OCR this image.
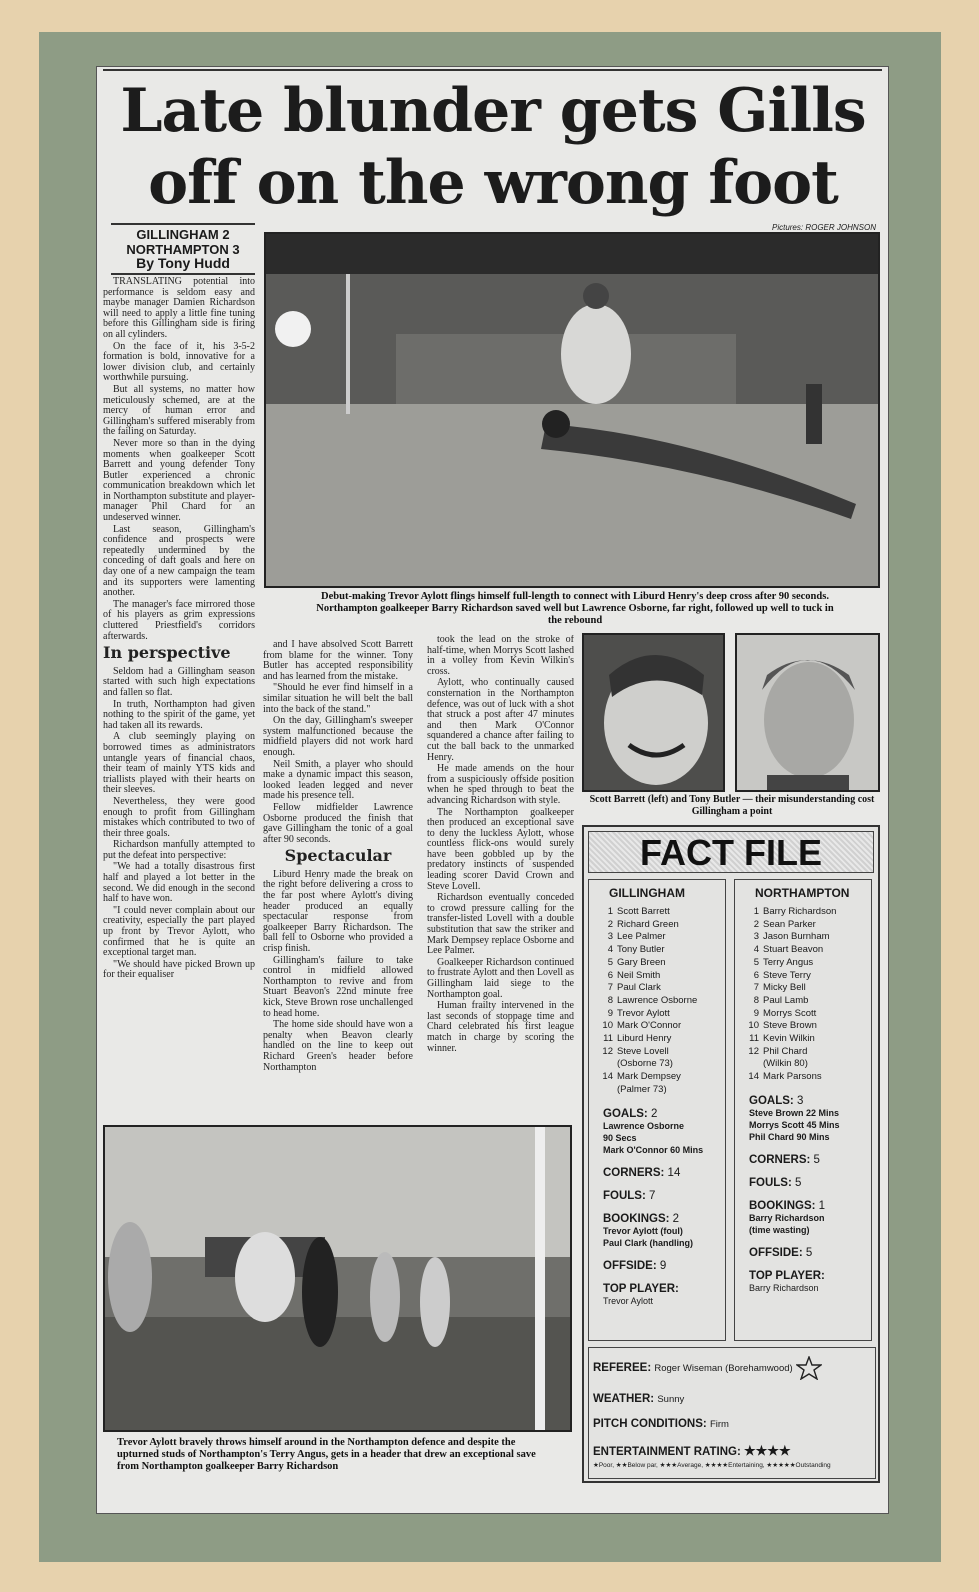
Late blunder gets Gills
off on the wrong foot
Pictures: ROGER JOHNSON
GILLINGHAM 2
NORTHAMPTON 3
By Tony Hudd

TRANSLATING potential into performance is seldom easy and maybe manager Damien Richardson will need to apply a little fine tuning before this Gillingham side is firing on all cylinders.

On the face of it, his 3-5-2 formation is bold, innovative for a lower division club, and certainly worthwhile pursuing.

But all systems, no matter how meticulously schemed, are at the mercy of human error and Gillingham's suffered miserably from the failing on Saturday.

Never more so than in the dying moments when goalkeeper Scott Barrett and young defender Tony Butler experienced a chronic communication breakdown which let in Northampton substitute and player-manager Phil Chard for an undeserved winner.

Last season, Gillingham's confidence and prospects were repeatedly undermined by the conceding of daft goals and here on day one of a new campaign the team and its supporters were lamenting another.

The manager's face mirrored those of his players as grim expressions cluttered Priestfield's corridors afterwards.

In perspective

Seldom had a Gillingham season started with such high expectations and fallen so flat.

In truth, Northampton had given nothing to the spirit of the game, yet had taken all its rewards.

A club seemingly playing on borrowed times as administrators untangle years of financial chaos, their team of mainly YTS kids and triallists played with their hearts on their sleeves.

Nevertheless, they were good enough to profit from Gillingham mistakes which contributed to two of their three goals.

Richardson manfully attempted to put the defeat into perspective:

"We had a totally disastrous first half and played a lot better in the second. We did enough in the second half to have won.

"I could never complain about our creativity, especially the part played up front by Trevor Aylott, who confirmed that he is quite an exceptional target man.

"We should have picked Brown up for their equaliser

Debut-making Trevor Aylott flings himself full-length to connect with Liburd Henry's deep cross after 90 seconds. Northampton goalkeeper Barry Richardson saved well but Lawrence Osborne, far right, followed up well to tuck in the rebound

and I have absolved Scott Barrett from blame for the winner. Tony Butler has accepted responsibility and has learned from the mistake.

"Should he ever find himself in a similar situation he will belt the ball into the back of the stand."

On the day, Gillingham's sweeper system malfunctioned because the midfield players did not work hard enough.

Neil Smith, a player who should make a dynamic impact this season, looked leaden legged and never made his presence tell.

Fellow midfielder Lawrence Osborne produced the finish that gave Gillingham the tonic of a goal after 90 seconds.

Spectacular

Liburd Henry made the break on the right before delivering a cross to the far post where Aylott's diving header produced an equally spectacular response from goalkeeper Barry Richardson. The ball fell to Osborne who provided a crisp finish.

Gillingham's failure to take control in midfield allowed Northampton to revive and from Stuart Beavon's 22nd minute free kick, Steve Brown rose unchallenged to head home.

The home side should have won a penalty when Beavon clearly handled on the line to keep out Richard Green's header before Northampton

took the lead on the stroke of half-time, when Morrys Scott lashed in a volley from Kevin Wilkin's cross.

Aylott, who continually caused consternation in the Northampton defence, was out of luck with a shot that struck a post after 47 minutes and then Mark O'Connor squandered a chance after failing to cut the ball back to the unmarked Henry.

He made amends on the hour from a suspiciously offside position when he sped through to beat the advancing Richardson with style.

The Northampton goalkeeper then produced an exceptional save to deny the luckless Aylott, whose countless flick-ons would surely have been gobbled up by the predatory instincts of suspended leading scorer David Crown and Steve Lovell.

Richardson eventually conceded to crowd pressure calling for the transfer-listed Lovell with a double substitution that saw the striker and Mark Dempsey replace Osborne and Lee Palmer.

Goalkeeper Richardson continued to frustrate Aylott and then Lovell as Gillingham laid siege to the Northampton goal.

Human frailty intervened in the last seconds of stoppage time and Chard celebrated his first league match in charge by scoring the winner.

Scott Barrett (left) and Tony Butler — their misunderstanding cost Gillingham a point
Trevor Aylott bravely throws himself around in the Northampton defence and despite the upturned studs of Northampton's Terry Angus, gets in a header that drew an exceptional save from Northampton goalkeeper Barry Richardson
FACT FILE
GILLINGHAM
1 Scott Barrett
2 Richard Green
3 Lee Palmer
4 Tony Butler
5 Gary Breen
6 Neil Smith
7 Paul Clark
8 Lawrence Osborne
9 Trevor Aylott
10 Mark O'Connor
11 Liburd Henry
12 Steve Lovell
(Osborne 73)
14 Mark Dempsey
(Palmer 73)
GOALS: 2
Lawrence Osborne
90 Secs
Mark O'Connor 60 Mins
CORNERS: 14
FOULS: 7
BOOKINGS: 2
Trevor Aylott (foul)
Paul Clark (handling)
OFFSIDE: 9
TOP PLAYER:
Trevor Aylott
NORTHAMPTON
1 Barry Richardson
2 Sean Parker
3 Jason Burnham
4 Stuart Beavon
5 Terry Angus
6 Steve Terry
7 Micky Bell
8 Paul Lamb
9 Morrys Scott
10 Steve Brown
11 Kevin Wilkin
12 Phil Chard
(Wilkin 80)
14 Mark Parsons
GOALS: 3
Steve Brown 22 Mins
Morrys Scott 45 Mins
Phil Chard 90 Mins
CORNERS: 5
FOULS: 5
BOOKINGS: 1
Barry Richardson
(time wasting)
OFFSIDE: 5
TOP PLAYER:
Barry Richardson
REFEREE: Roger Wiseman (Borehamwood)
WEATHER: Sunny
PITCH CONDITIONS: Firm
ENTERTAINMENT RATING: ★★★★
★Poor, ★★Below par, ★★★Average, ★★★★Entertaining, ★★★★★Outstanding
